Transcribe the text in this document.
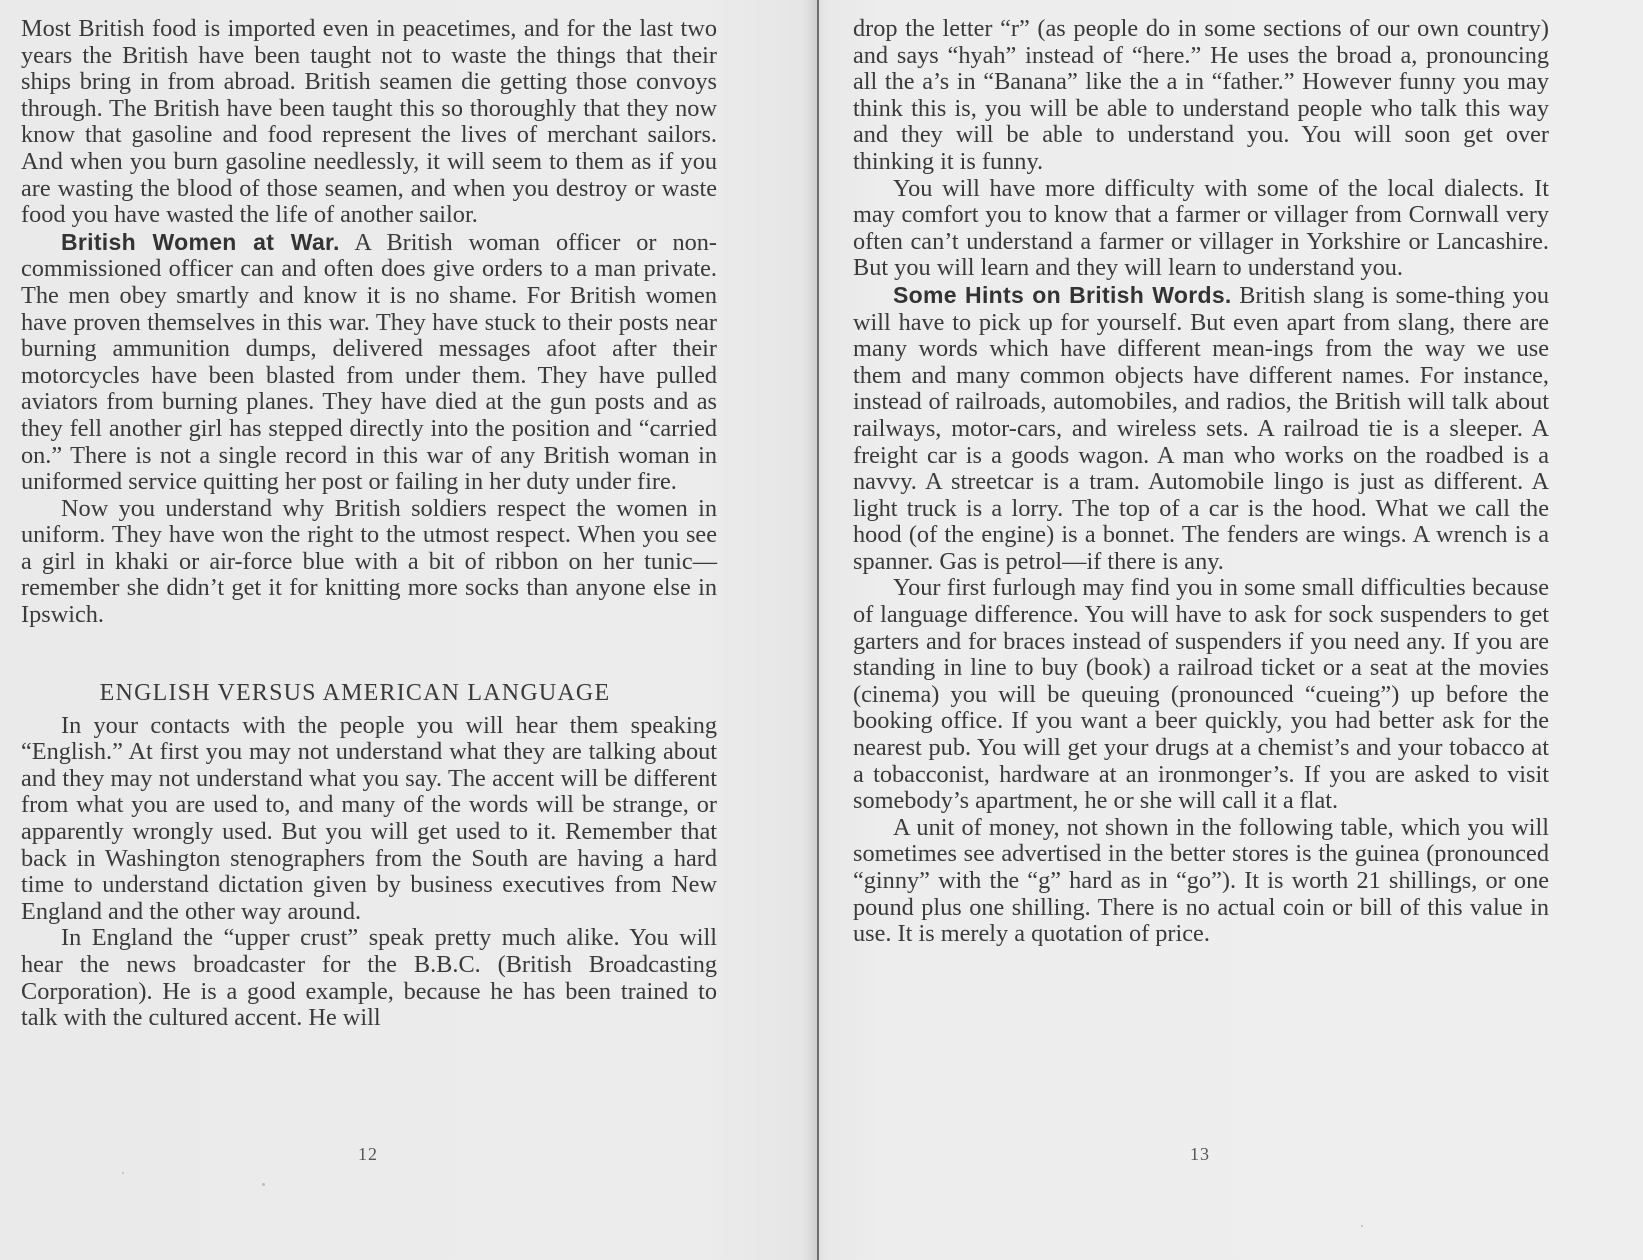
Most British food is imported even in peacetimes, and for the last two years the British have been taught not to waste the things that their ships bring in from abroad. British seamen die getting those convoys through. The British have been taught this so thoroughly that they now know that gasoline and food represent the lives of merchant sailors. And when you burn gasoline needlessly, it will seem to them as if you are wasting the blood of those seamen, and when you destroy or waste food you have wasted the life of another sailor.

British Women at War. A British woman officer or non-commissioned officer can and often does give orders to a man private. The men obey smartly and know it is no shame. For British women have proven themselves in this war. They have stuck to their posts near burning ammunition dumps, delivered messages afoot after their motorcycles have been blasted from under them. They have pulled aviators from burning planes. They have died at the gun posts and as they fell another girl has stepped directly into the position and “carried on.” There is not a single record in this war of any British woman in uniformed service quitting her post or failing in her duty under fire.

Now you understand why British soldiers respect the women in uniform. They have won the right to the utmost respect. When you see a girl in khaki or air-force blue with a bit of ribbon on her tunic—remember she didn’t get it for knitting more socks than anyone else in Ipswich.

ENGLISH VERSUS AMERICAN LANGUAGE

In your contacts with the people you will hear them speaking “English.” At first you may not understand what they are talking about and they may not understand what you say. The accent will be different from what you are used to, and many of the words will be strange, or apparently wrongly used. But you will get used to it. Remember that back in Washington stenographers from the South are having a hard time to understand dictation given by business executives from New England and the other way around.

In England the “upper crust” speak pretty much alike. You will hear the news broadcaster for the B.B.C. (British Broadcasting Corporation). He is a good example, because he has been trained to talk with the cultured accent. He will

12

drop the letter “r” (as people do in some sections of our own country) and says “hyah” instead of “here.” He uses the broad a, pronouncing all the a’s in “Banana” like the a in “father.” However funny you may think this is, you will be able to understand people who talk this way and they will be able to understand you. You will soon get over thinking it is funny.

You will have more difficulty with some of the local dialects. It may comfort you to know that a farmer or villager from Cornwall very often can’t understand a farmer or villager in Yorkshire or Lancashire. But you will learn and they will learn to understand you.

Some Hints on British Words. British slang is some-thing you will have to pick up for yourself. But even apart from slang, there are many words which have different mean-ings from the way we use them and many common objects have different names. For instance, instead of railroads, automobiles, and radios, the British will talk about railways, motor-cars, and wireless sets. A railroad tie is a sleeper. A freight car is a goods wagon. A man who works on the roadbed is a navvy. A streetcar is a tram. Automobile lingo is just as different. A light truck is a lorry. The top of a car is the hood. What we call the hood (of the engine) is a bonnet. The fenders are wings. A wrench is a spanner. Gas is petrol—if there is any.

Your first furlough may find you in some small difficulties because of language difference. You will have to ask for sock suspenders to get garters and for braces instead of suspenders if you need any. If you are standing in line to buy (book) a railroad ticket or a seat at the movies (cinema) you will be queuing (pronounced “cueing”) up before the booking office. If you want a beer quickly, you had better ask for the nearest pub. You will get your drugs at a chemist’s and your tobacco at a tobacconist, hardware at an ironmonger’s. If you are asked to visit somebody’s apartment, he or she will call it a flat.

A unit of money, not shown in the following table, which you will sometimes see advertised in the better stores is the guinea (pronounced “ginny” with the “g” hard as in “go”). It is worth 21 shillings, or one pound plus one shilling. There is no actual coin or bill of this value in use. It is merely a quotation of price.

13
